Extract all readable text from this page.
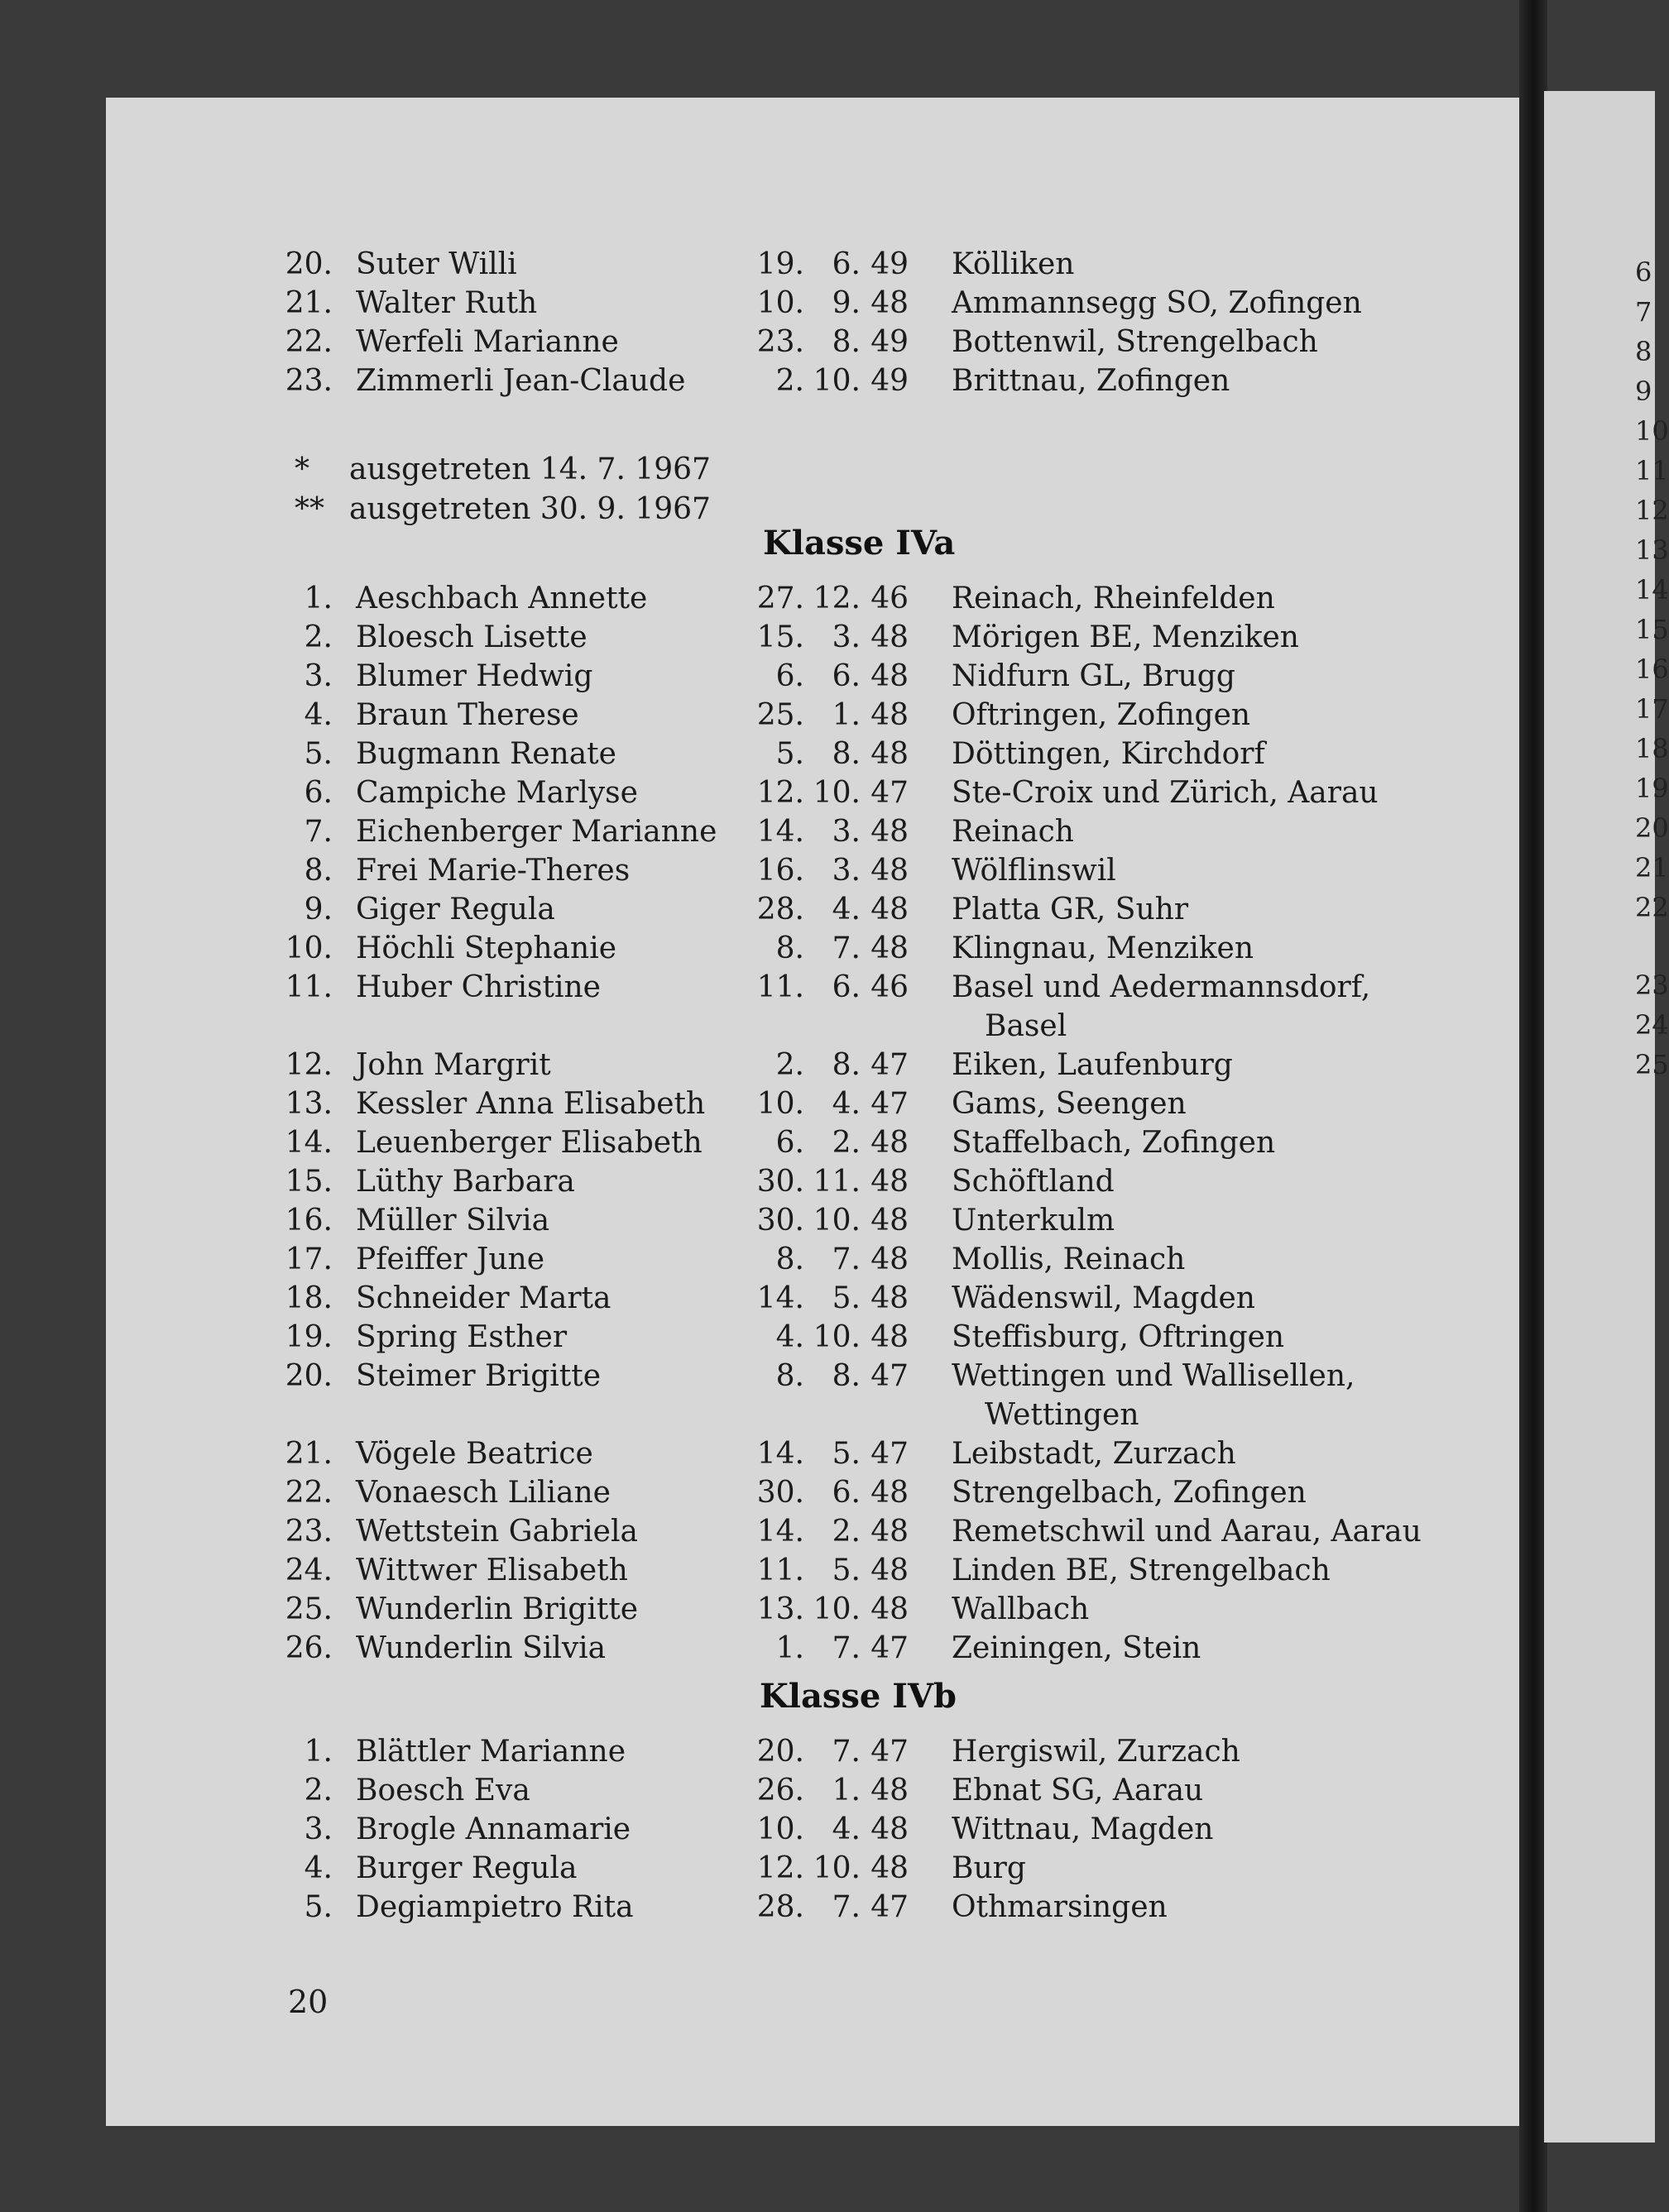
20. Suter Willi	19. 6. 49 Kölliken
21. Walter Ruth	10. 9. 48 Ammannsegg SO, Zofingen
22. Werfeli Marianne	23. 8. 49 Bottenwil, Strengelbach
23. Zimmerli Jean-Claude	2. 10. 49 Brittnau, Zofingen
1. Aeschbach Annette	27. 12. 46 Reinach, Rheinfelden
2. Bloesch Lisette	15. 3. 48 Mörigen BE, Menziken
3. Blumer Hedwig	6. 6. 48 Nidfurn GL, Brugg
4. Braun Therese	25. 1. 48 Oftringen, Zofingen
5. Bugmann Renate	5. 8. 48 Döttingen, Kirchdorf
6. Campiche Marlyse	12. 10. 47 Ste-Croix und Zürich, Aarau
7. Eichenberger Marianne	14. 3. 48 Reinach
8. Frei Marie-Theres	16. 3. 48 Wölflinswil
9. Giger Regula	28. 4. 48 Platta GR, Suhr
10. Höchli Stephanie	8. 7. 48 Klingnau, Menziken
11. Huber Christine	11. 6. 46 Basel und Aedermannsdorf,
Basel
12. John Margrit	2. 8. 47 Eiken, Laufenburg
13. Kessler Anna Elisabeth	10. 4. 47 Gams, Seengen
14. Leuenberger Elisabeth	6. 2. 48 Staffelbach, Zofingen
15. Lüthy Barbara	30. 11. 48 Schöftland
16. Müller Silvia	30. 10. 48 Unterkulm
17. Pfeiffer June	8. 7. 48 Mollis, Reinach
18. Schneider Marta	14. 5. 48 Wädenswil, Magden
19. Spring Esther	4. 10. 48 Steffisburg, Oftringen
20. Steimer Brigitte	8. 8. 47 Wettingen und Wallisellen,
Wettingen
21. Vögele Beatrice	14. 5. 47 Leibstadt, Zurzach
22. Vonaesch Liliane	30. 6. 48 Strengelbach, Zofingen
23. Wettstein Gabriela	14. 2. 48 Remetschwil und Aarau, Aarau
24. Wittwer Elisabeth	11. 5. 48 Linden BE, Strengelbach
25. Wunderlin Brigitte	13. 10. 48 Wallbach
26. Wunderlin Silvia	1. 7. 47 Zeiningen, Stein
1. Blättler Marianne	20. 7. 47 Hergiswil, Zurzach
2. Boesch Eva	26. 1. 48 Ebnat SG, Aarau
3. Brogle Annamarie	10. 4. 48 Wittnau, Magden
4. Burger Regula	12. 10. 48 Burg
5. Degiampietro Rita	28. 7. 47 Othmarsingen
* ausgetreten 14. 7. 1967
** ausgetreten 30. 9. 1967
Klasse IVa
Klasse IVb
20
6
7
8
9
10
11
12
13
14
15
16
17
18
19
20
21
22
23
24
25
